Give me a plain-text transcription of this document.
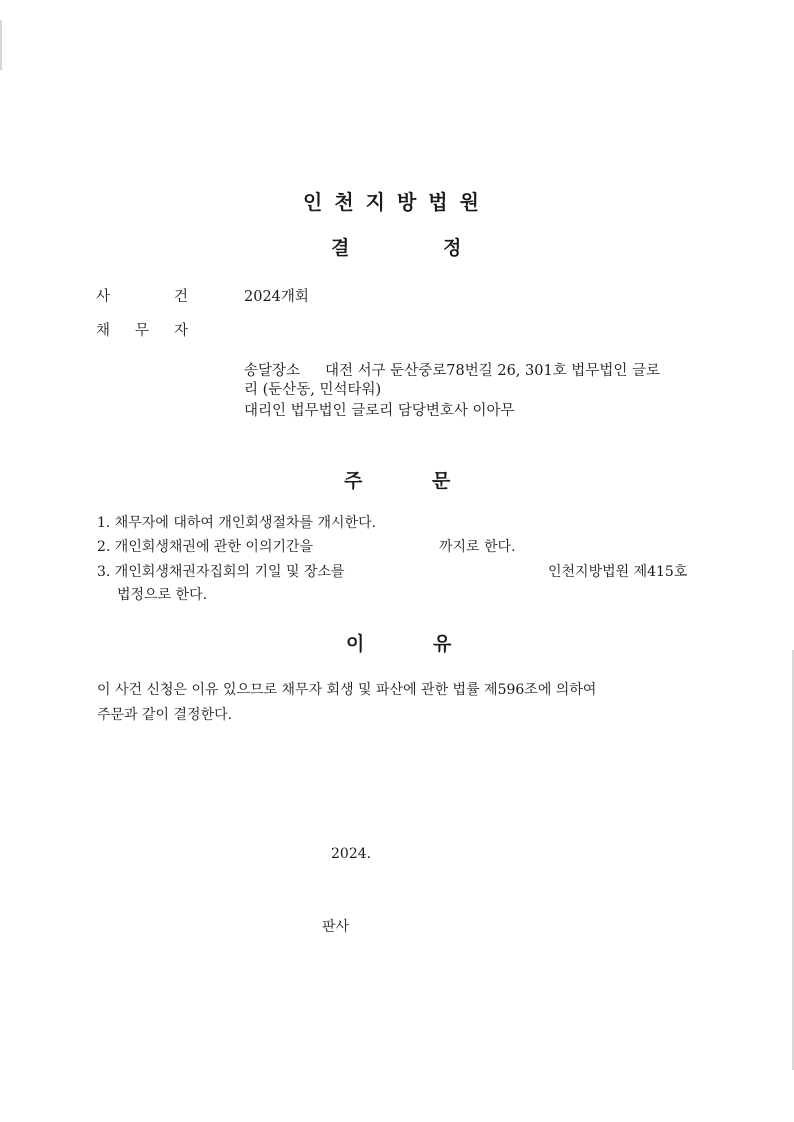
인천지방법원
결	정
사	건	2024개회
채 무 자
송달장소 대전 서구 둔산중로78번길 26, 301호 법무법인 글로
리 (둔산동, 민석타워)
대리인 법무법인 글로리 담당변호사 이아무
주	문
1. 채무자에 대하여 개인회생절차를 개시한다.
2. 개인회생채권에 관한 이의기간을	까지로 한다.
3. 개인회생채권자집회의 기일 및 장소를	인천지방법원 제415호
법정으로 한다.
이	유
이 사건 신청은 이유 있으므로 채무자 회생 및 파산에 관한 법률 제596조에 의하여
주문과 같이 결정한다.
2024.
판사
